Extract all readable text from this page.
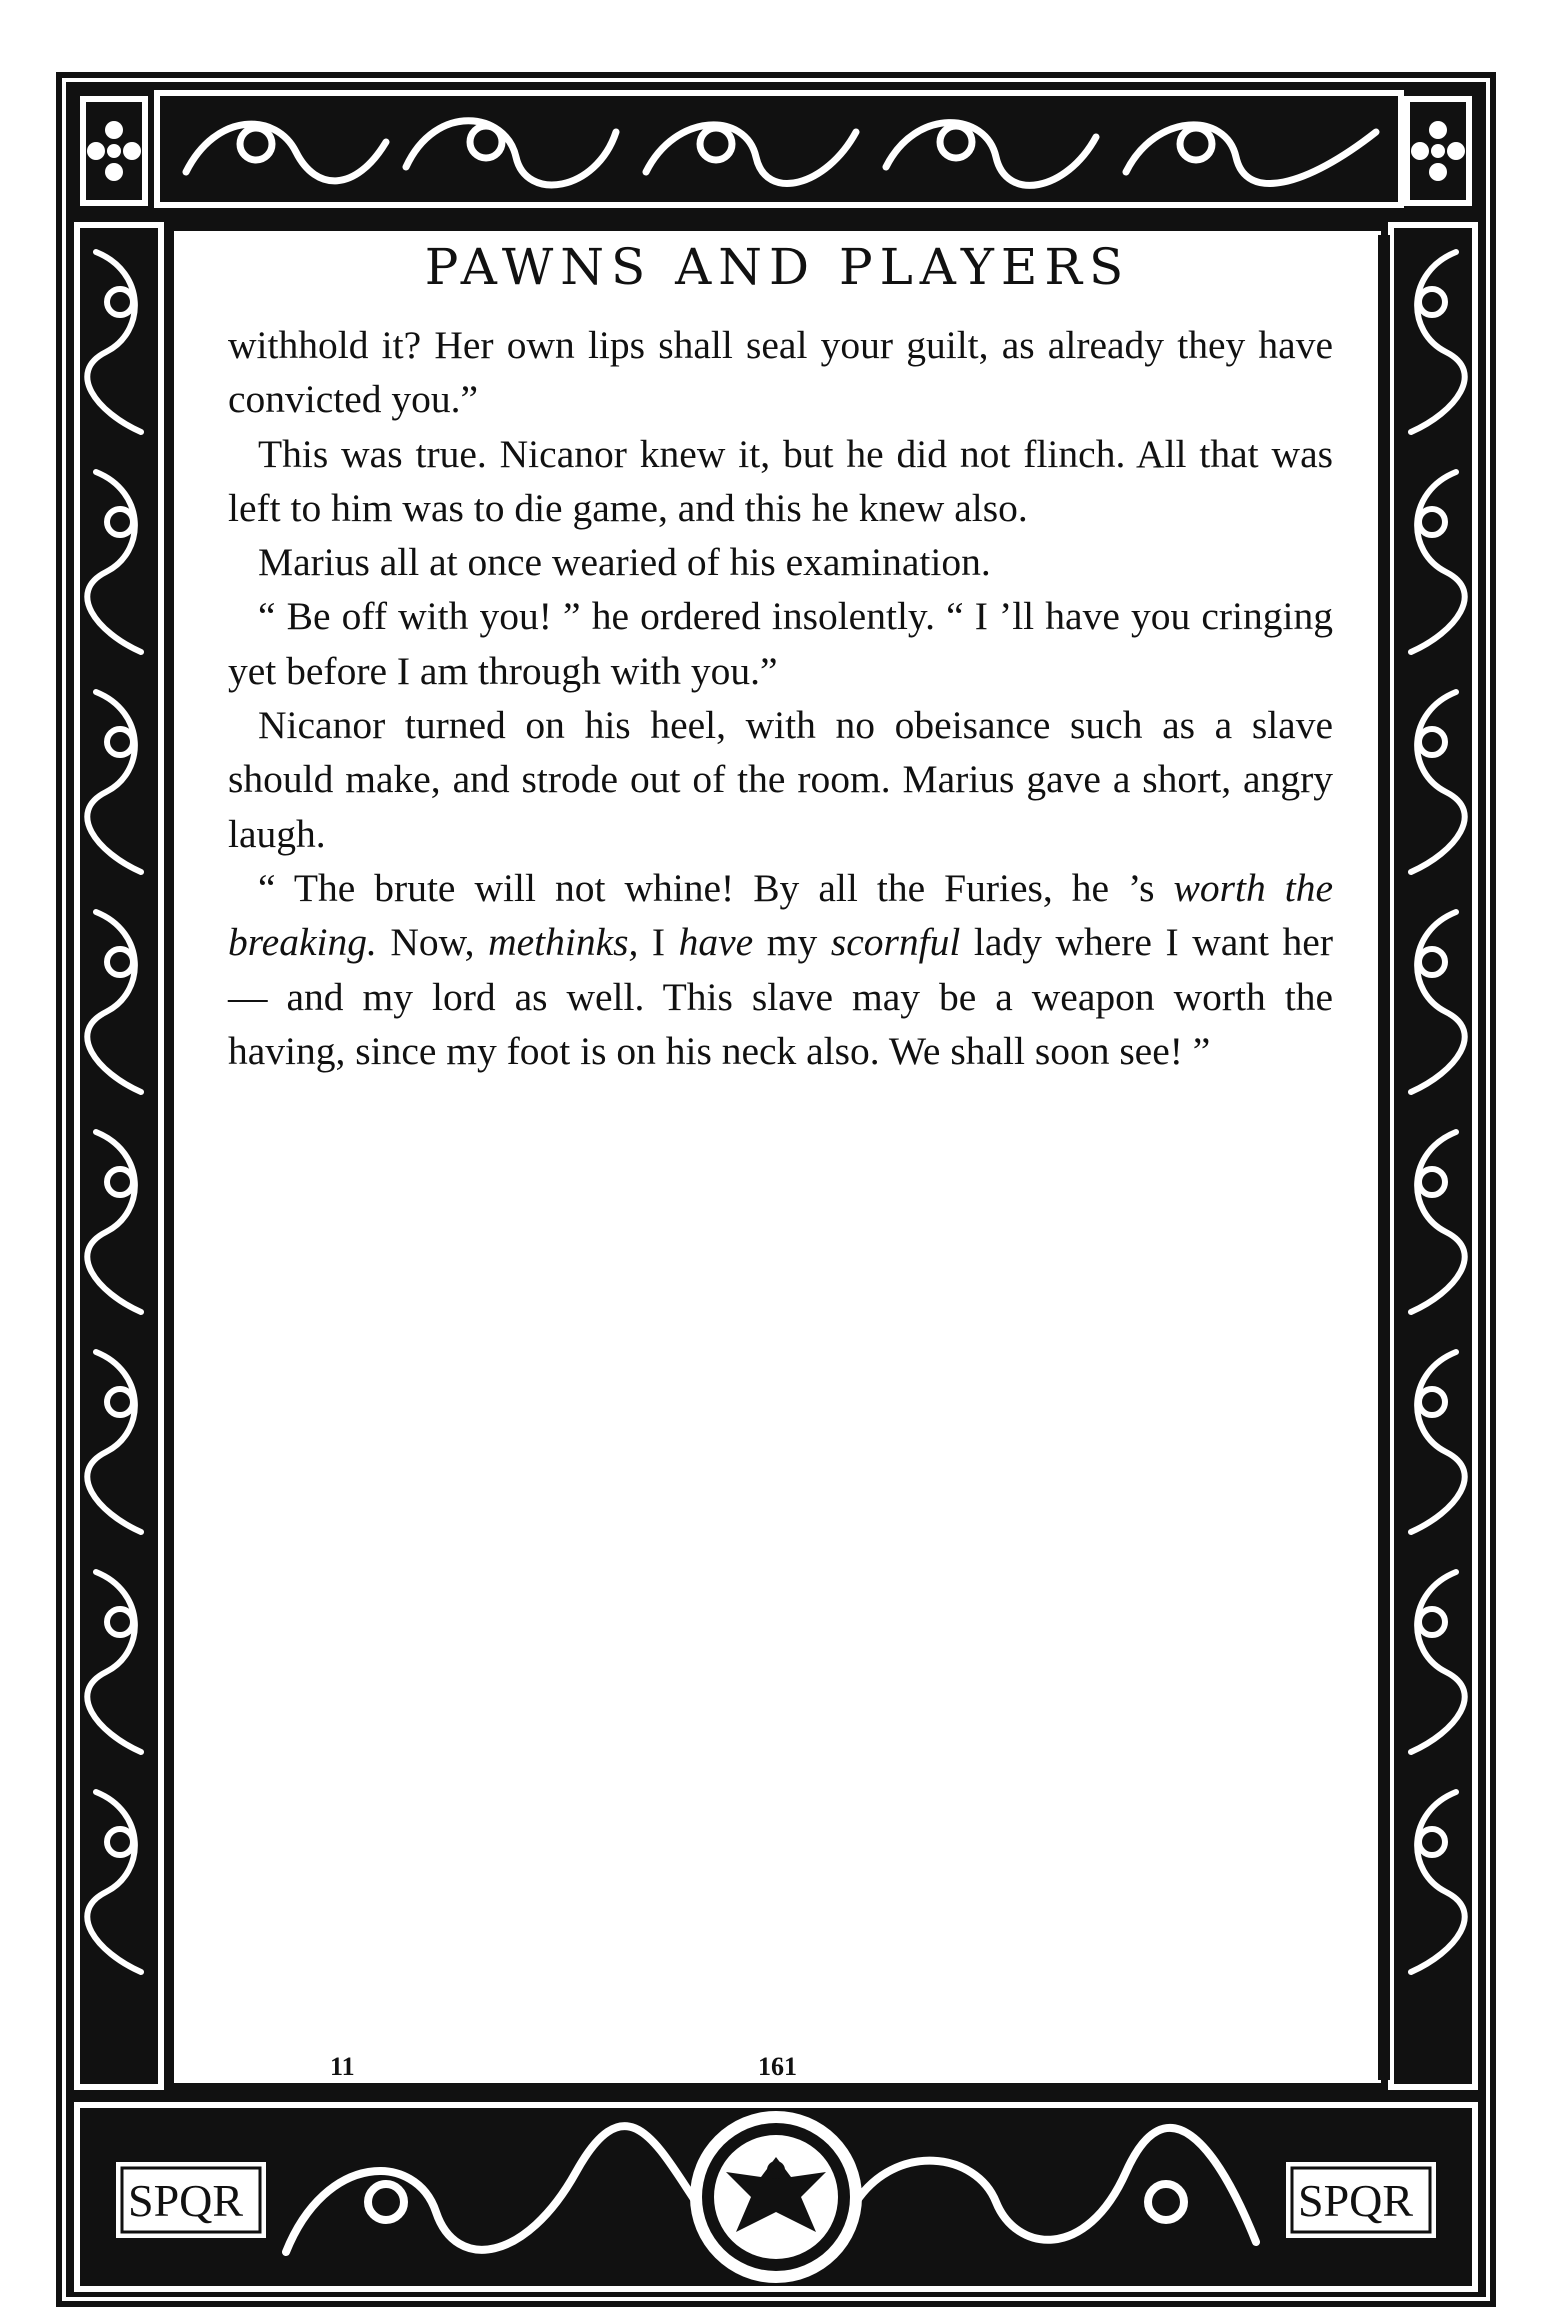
SPQR	SPQR
PAWNS AND PLAYERS

withhold it? Her own lips shall seal your guilt, as already they have convicted you.”

This was true. Nicanor knew it, but he did not flinch. All that was left to him was to die game, and this he knew also.

Marius all at once wearied of his examination.

“ Be off with you! ” he ordered insolently. “ I ’ll have you cringing yet before I am through with you.”

Nicanor turned on his heel, with no obeisance such as a slave should make, and strode out of the room. Marius gave a short, angry laugh.

“ The brute will not whine! By all the Furies, he ’s worth the breaking. Now, methinks, I have my scornful lady where I want her — and my lord as well. This slave may be a weapon worth the having, since my foot is on his neck also. We shall soon see! ”

11	161
